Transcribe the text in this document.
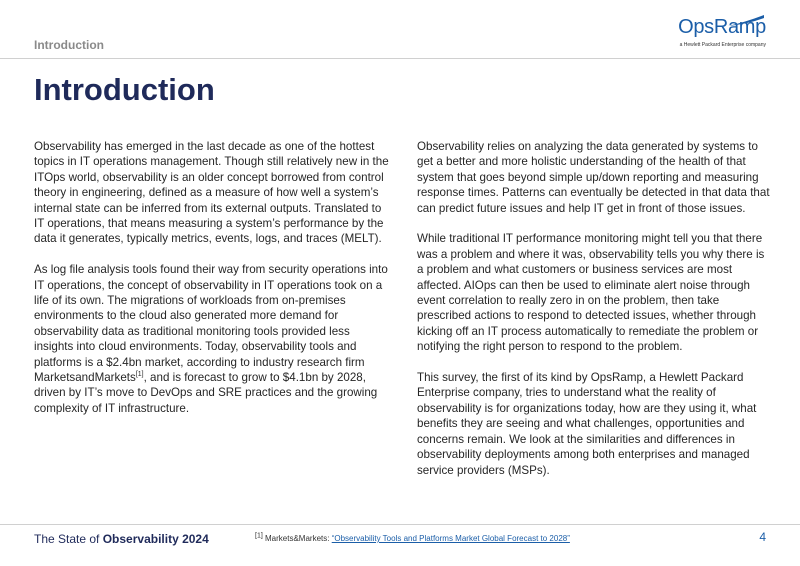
Introduction
OpsRamp
a Hewlett Packard Enterprise company
Introduction

Observability has emerged in the last decade as one of the hottest topics in IT operations management. Though still relatively new in the ITOps world, observability is an older concept borrowed from control theory in engineering, defined as a measure of how well a system’s internal state can be inferred from its external outputs. Translated to IT operations, that means measuring a system’s performance by the data it generates, typically metrics, events, logs, and traces (MELT).

As log file analysis tools found their way from security operations into IT operations, the concept of observability in IT operations took on a life of its own. The migrations of workloads from on-premises environments to the cloud also generated more demand for observability data as traditional monitoring tools provided less insights into cloud environments. Today, observability tools and platforms is a $2.4bn market, according to industry research firm MarketsandMarkets[1], and is forecast to grow to $4.1bn by 2028, driven by IT’s move to DevOps and SRE practices and the growing complexity of IT infrastructure.

Observability relies on analyzing the data generated by systems to get a better and more holistic understanding of the health of that system that goes beyond simple up/down reporting and measuring response times. Patterns can eventually be detected in that data that can predict future issues and help IT get in front of those issues.

While traditional IT performance monitoring might tell you that there was a problem and where it was, observability tells you why there is a problem and what customers or business services are most affected. AIOps can then be used to eliminate alert noise through event correlation to really zero in on the problem, then take prescribed actions to respond to detected issues, whether through kicking off an IT process automatically to remediate the problem or notifying the right person to respond to the problem.

This survey, the first of its kind by OpsRamp, a Hewlett Packard Enterprise company, tries to understand what the reality of observability is for organizations today, how are they using it, what benefits they are seeing and what challenges, opportunities and concerns remain. We look at the similarities and differences in observability deployments among both enterprises and managed service providers (MSPs).

The State of Observability 2024	[1] Markets&Markets: “Observability Tools and Platforms Market Global Forecast to 2028”	4
